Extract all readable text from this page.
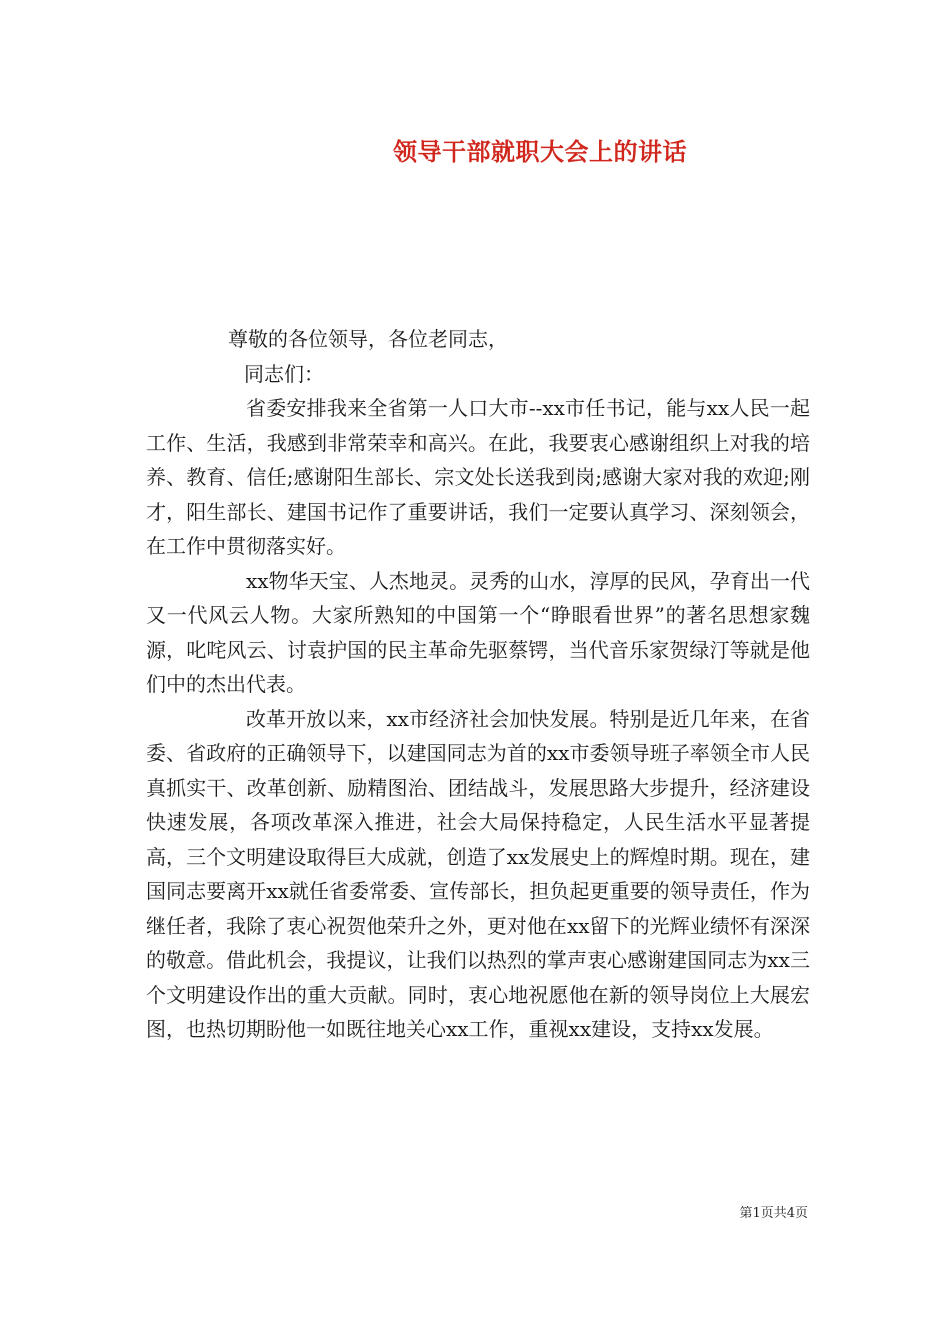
领导干部就职大会上的讲话

尊敬的各位领导，各位老同志，

同志们：

省委安排我来全省第一人口大市--xx市任书记，能与xx人民一起工作、生活，我感到非常荣幸和高兴。在此，我要衷心感谢组织上对我的培养、教育、信任;感谢阳生部长、宗文处长送我到岗;感谢大家对我的欢迎;刚才，阳生部长、建国书记作了重要讲话，我们一定要认真学习、深刻领会，在工作中贯彻落实好。

xx物华天宝、人杰地灵。灵秀的山水，淳厚的民风，孕育出一代又一代风云人物。大家所熟知的中国第一个“睁眼看世界”的著名思想家魏源，叱咤风云、讨袁护国的民主革命先驱蔡锷，当代音乐家贺绿汀等就是他们中的杰出代表。

改革开放以来，xx市经济社会加快发展。特别是近几年来，在省委、省政府的正确领导下，以建国同志为首的xx市委领导班子率领全市人民真抓实干、改革创新、励精图治、团结战斗，发展思路大步提升，经济建设快速发展，各项改革深入推进，社会大局保持稳定，人民生活水平显著提高，三个文明建设取得巨大成就，创造了xx发展史上的辉煌时期。现在，建国同志要离开xx就任省委常委、宣传部长，担负起更重要的领导责任，作为继任者，我除了衷心祝贺他荣升之外，更对他在xx留下的光辉业绩怀有深深的敬意。借此机会，我提议，让我们以热烈的掌声衷心感谢建国同志为xx三个文明建设作出的重大贡献。同时，衷心地祝愿他在新的领导岗位上大展宏图，也热切期盼他一如既往地关心xx工作，重视xx建设，支持xx发展。

第1页共4页
